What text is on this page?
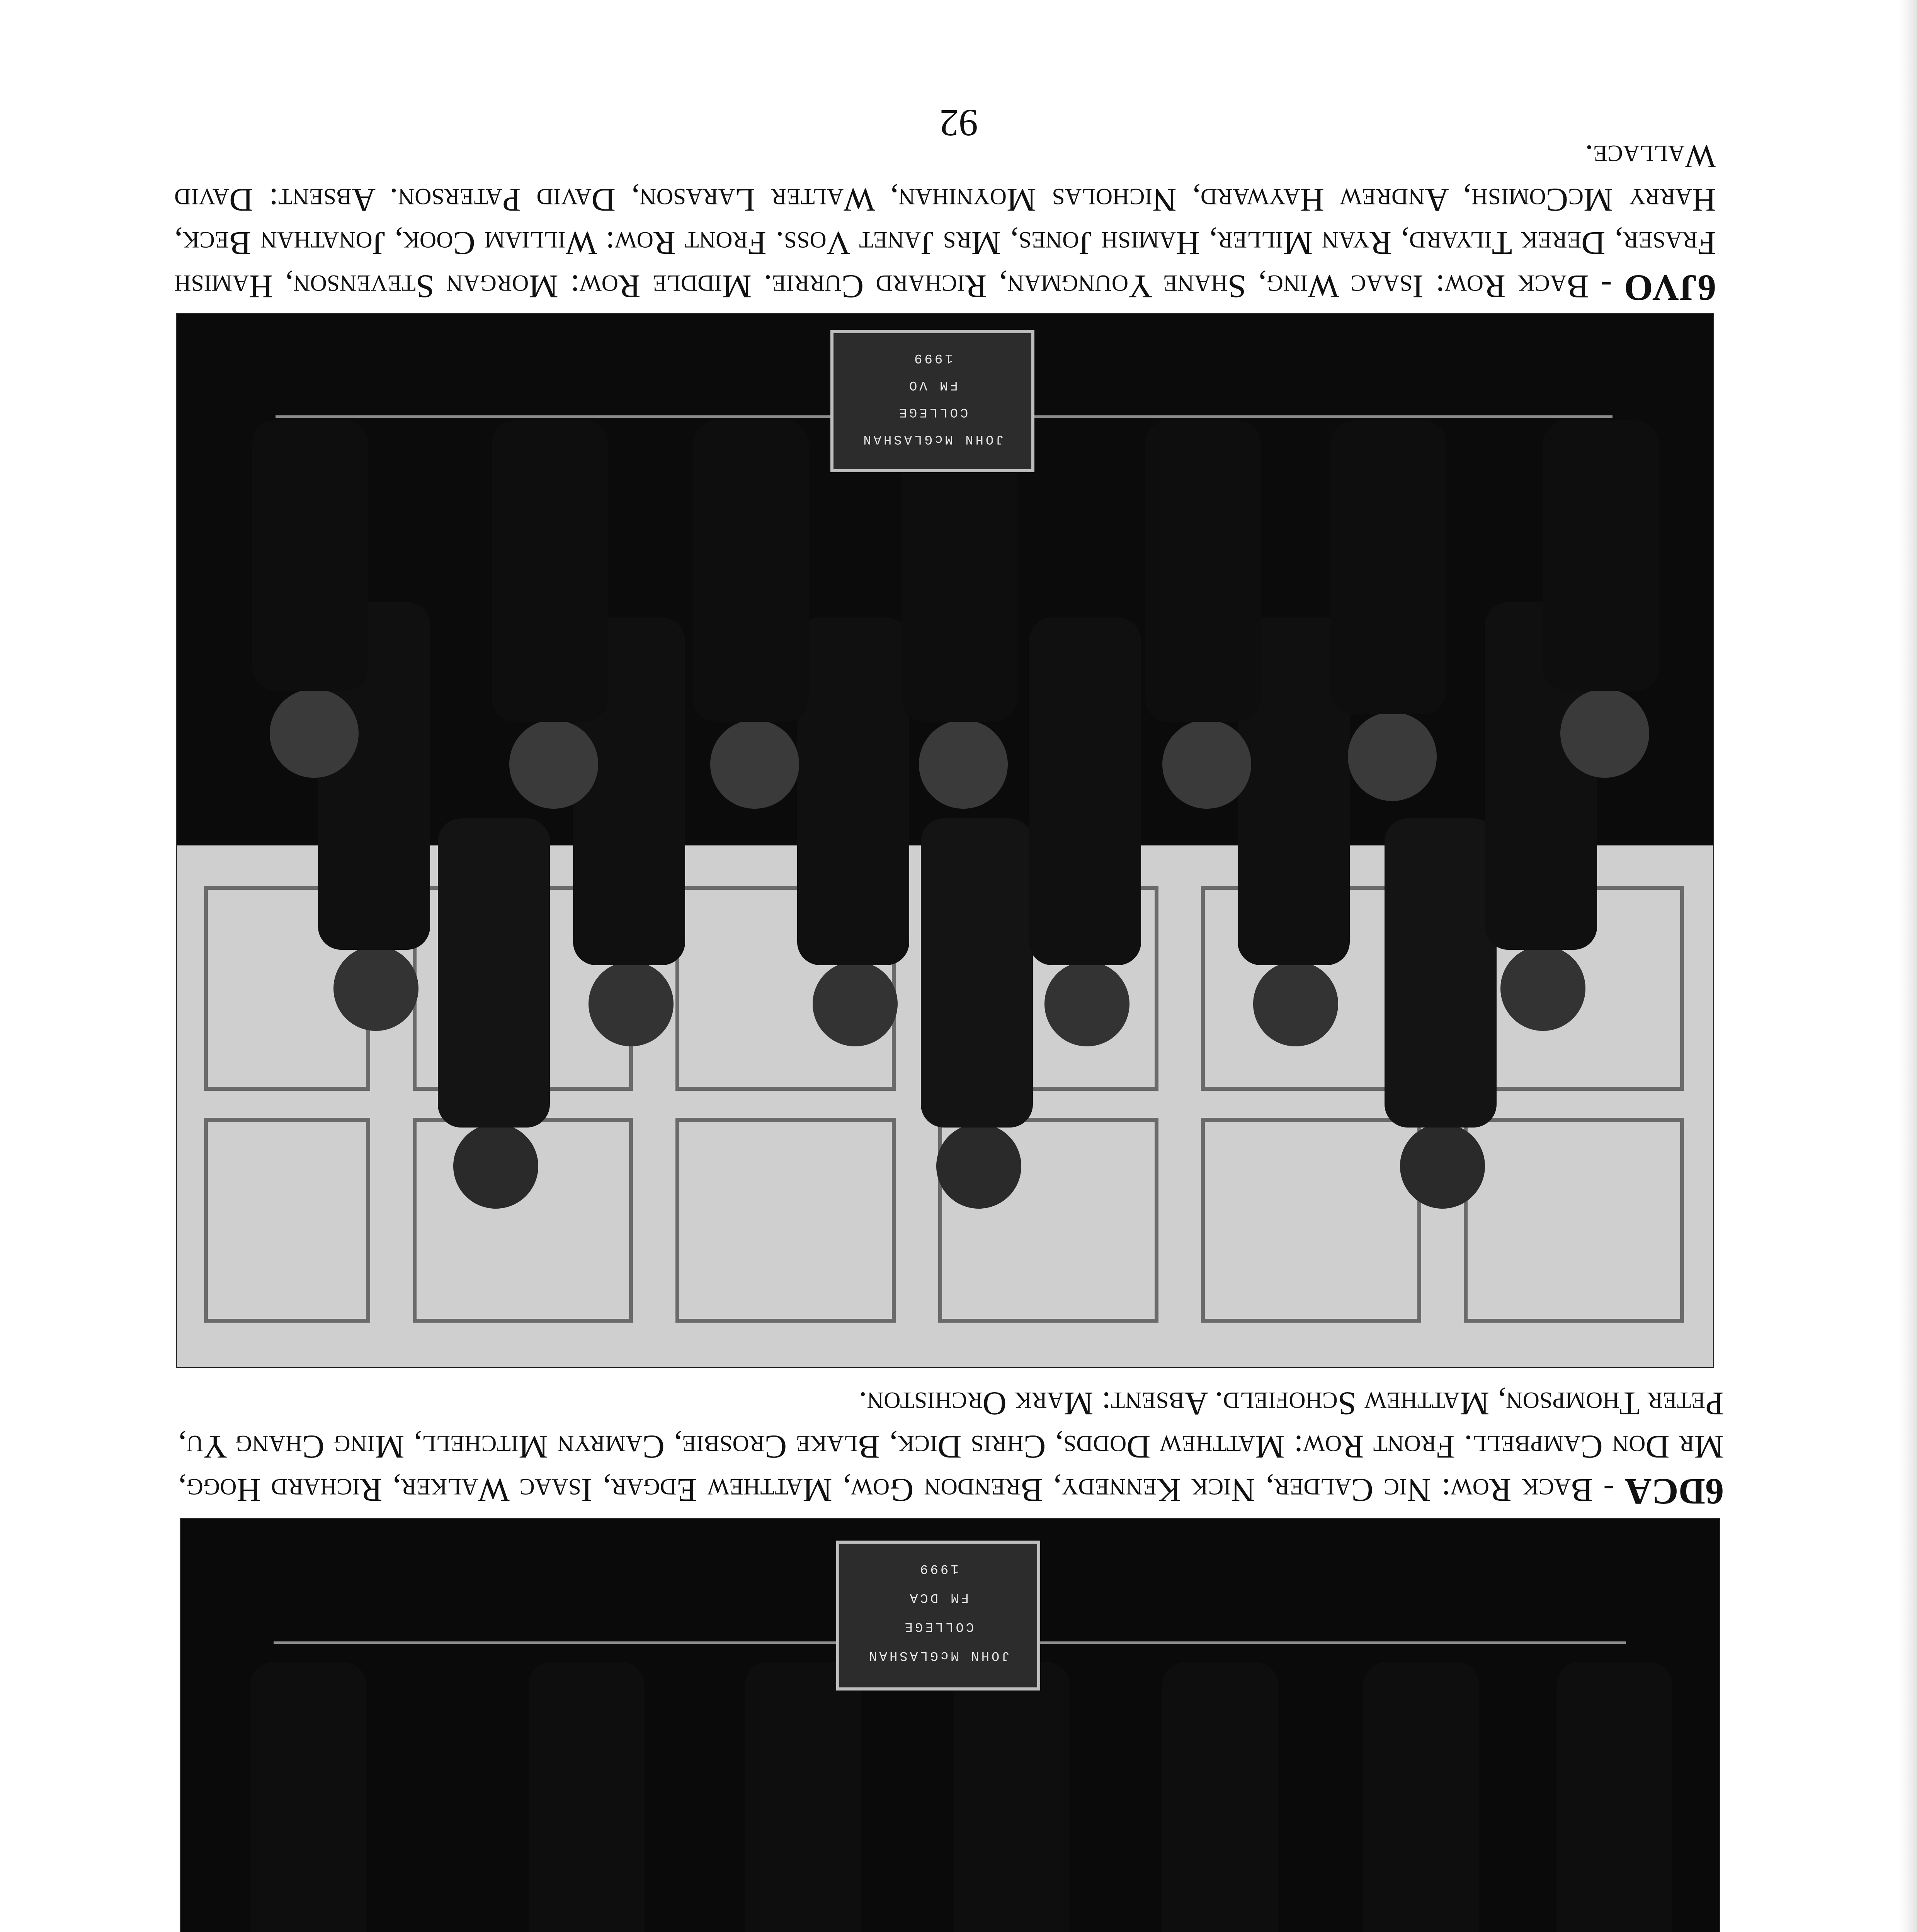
JOHN McGLASHAN
COLLEGE
FM VO
1999
6JVO - Back Row: Isaac Wing, Shane Youngman, Richard Currie. Middle Row: Morgan Stevenson, Hamish Fraser, Derek Tilyard, Ryan Miller, Hamish Jones, Mrs Janet Voss. Front Row: William Cook, Jonathan Beck, Harry McComish, Andrew Hayward, Nicholas Moynihan, Walter Larason, David Paterson. Absent: David Wallace.
JOHN McGLASHAN
COLLEGE
FM DCA
1999
6DCA - Back Row: Nic Calder, Nick Kennedy, Brendon Gow, Matthew Edgar, Isaac Walker, Richard Hogg, Mr Don Campbell. Front Row: Matthew Dodds, Chris Dick, Blake Crosbie, Camryn Mitchell, Ming Chang Yu, Peter Thompson, Matthew Schofield. Absent: Mark Orchiston.
92
